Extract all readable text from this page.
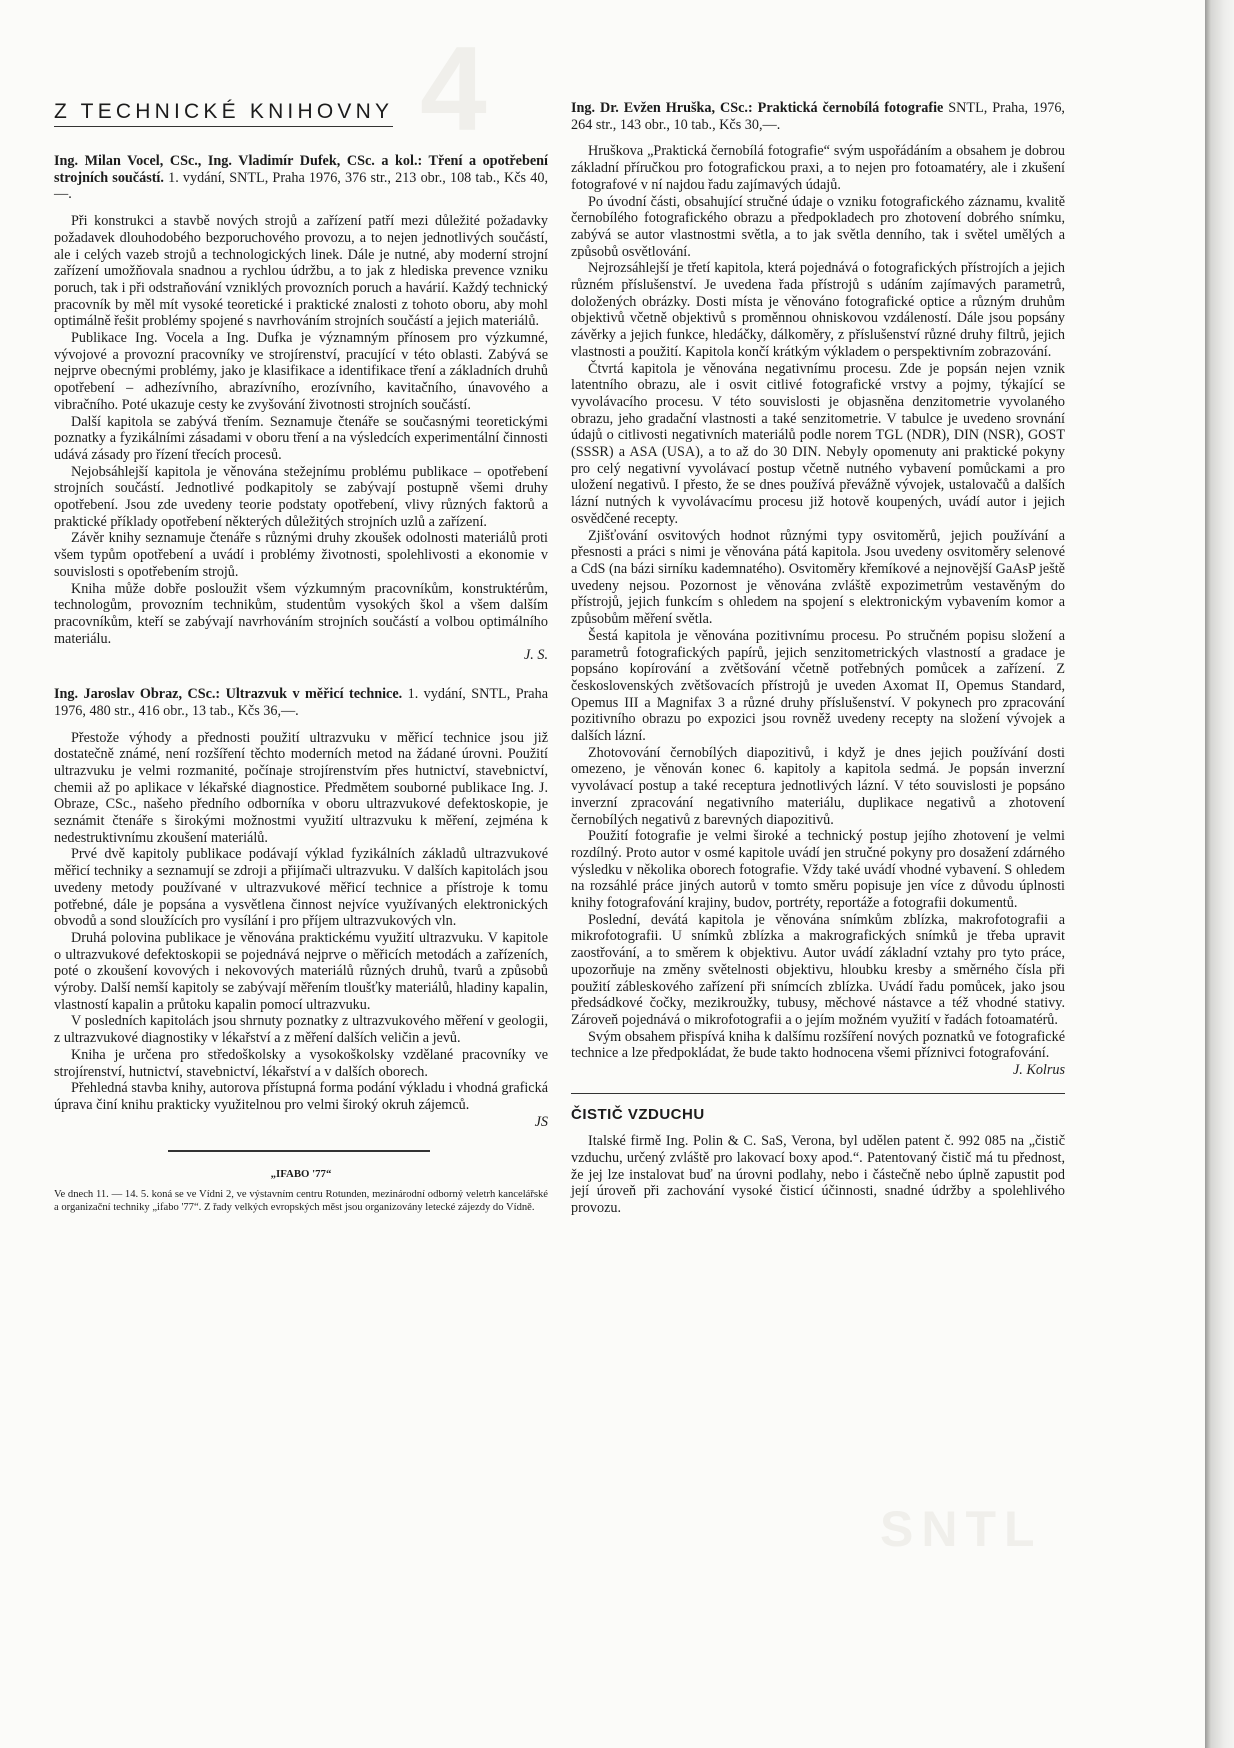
4
SNTL
Z TECHNICKÉ KNIHOVNY
Ing. Milan Vocel, CSc., Ing. Vladimír Dufek, CSc. a kol.: Tření a opotřebení strojních součástí. 1. vydání, SNTL, Praha 1976, 376 str., 213 obr., 108 tab., Kčs 40,—.

Při konstrukci a stavbě nových strojů a zařízení patří mezi důležité požadavky požadavek dlouhodobého bezporuchového provozu, a to nejen jednotlivých součástí, ale i celých vazeb strojů a technologických linek. Dále je nutné, aby moderní strojní zařízení umožňovala snadnou a rychlou údržbu, a to jak z hlediska prevence vzniku poruch, tak i při odstraňování vzniklých provozních poruch a havárií. Každý technický pracovník by měl mít vysoké teoretické i praktické znalosti z tohoto oboru, aby mohl optimálně řešit problémy spojené s navrhováním strojních součástí a jejich materiálů.

Publikace Ing. Vocela a Ing. Dufka je významným přínosem pro výzkumné, vývojové a provozní pracovníky ve strojírenství, pracující v této oblasti. Zabývá se nejprve obecnými problémy, jako je klasifikace a identifikace tření a základních druhů opotřebení – adhezívního, abrazívního, erozívního, kavitačního, únavového a vibračního. Poté ukazuje cesty ke zvyšování životnosti strojních součástí.

Další kapitola se zabývá třením. Seznamuje čtenáře se současnými teoretickými poznatky a fyzikálními zásadami v oboru tření a na výsledcích experimentální činnosti udává zásady pro řízení třecích procesů.

Nejobsáhlejší kapitola je věnována stežejnímu problému publikace – opotřebení strojních součástí. Jednotlivé podkapitoly se zabývají postupně všemi druhy opotřebení. Jsou zde uvedeny teorie podstaty opotřebení, vlivy různých faktorů a praktické příklady opotřebení některých důležitých strojních uzlů a zařízení.

Závěr knihy seznamuje čtenáře s různými druhy zkoušek odolnosti materiálů proti všem typům opotřebení a uvádí i problémy životnosti, spolehlivosti a ekonomie v souvislosti s opotřebením strojů.

Kniha může dobře posloužit všem výzkumným pracovníkům, konstruktérům, technologům, provozním technikům, studentům vysokých škol a všem dalším pracovníkům, kteří se zabývají navrhováním strojních součástí a volbou optimálního materiálu.

J. S.
Ing. Jaroslav Obraz, CSc.: Ultrazvuk v měřicí technice. 1. vydání, SNTL, Praha 1976, 480 str., 416 obr., 13 tab., Kčs 36,—.

Přestože výhody a přednosti použití ultrazvuku v měřicí technice jsou již dostatečně známé, není rozšíření těchto moderních metod na žádané úrovni. Použití ultrazvuku je velmi rozmanité, počínaje strojírenstvím přes hutnictví, stavebnictví, chemii až po aplikace v lékařské diagnostice. Předmětem souborné publikace Ing. J. Obraze, CSc., našeho předního odborníka v oboru ultrazvukové defektoskopie, je seznámit čtenáře s širokými možnostmi využití ultrazvuku k měření, zejména k nedestruktivnímu zkoušení materiálů.

Prvé dvě kapitoly publikace podávají výklad fyzikálních základů ultrazvukové měřicí techniky a seznamují se zdroji a přijímači ultrazvuku. V dalších kapitolách jsou uvedeny metody používané v ultrazvukové měřicí technice a přístroje k tomu potřebné, dále je popsána a vysvětlena činnost nejvíce využívaných elektronických obvodů a sond sloužících pro vysílání i pro příjem ultrazvukových vln.

Druhá polovina publikace je věnována praktickému využití ultrazvuku. V kapitole o ultrazvukové defektoskopii se pojednává nejprve o měřicích metodách a zařízeních, poté o zkoušení kovových i nekovových materiálů různých druhů, tvarů a způsobů výroby. Další nemší kapitoly se zabývají měřením tloušťky materiálů, hladiny kapalin, vlastností kapalin a průtoku kapalin pomocí ultrazvuku.

V posledních kapitolách jsou shrnuty poznatky z ultrazvukového měření v geologii, z ultrazvukové diagnostiky v lékařství a z měření dalších veličin a jevů.

Kniha je určena pro středoškolsky a vysokoškolsky vzdělané pracovníky ve strojírenství, hutnictví, stavebnictví, lékařství a v dalších oborech.

Přehledná stavba knihy, autorova přístupná forma podání výkladu i vhodná grafická úprava činí knihu prakticky využitelnou pro velmi široký okruh zájemců.

JS
„IFABO '77“

Ve dnech 11. — 14. 5. koná se ve Vídni 2, ve výstavním centru Rotunden, mezinárodní odborný veletrh kancelářské a organizační techniky „ifabo '77“. Z řady velkých evropských měst jsou organizovány letecké zájezdy do Vídně.

Ing. Dr. Evžen Hruška, CSc.: Praktická černobílá fotografie SNTL, Praha, 1976, 264 str., 143 obr., 10 tab., Kčs 30,—.

Hruškova „Praktická černobílá fotografie“ svým uspořádáním a obsahem je dobrou základní příručkou pro fotografickou praxi, a to nejen pro fotoamatéry, ale i zkušení fotografové v ní najdou řadu zajímavých údajů.

Po úvodní části, obsahující stručné údaje o vzniku fotografického záznamu, kvalitě černobílého fotografického obrazu a předpokladech pro zhotovení dobrého snímku, zabývá se autor vlastnostmi světla, a to jak světla denního, tak i světel umělých a způsobů osvětlování.

Nejrozsáhlejší je třetí kapitola, která pojednává o fotografických přístrojích a jejich různém příslušenství. Je uvedena řada přístrojů s udáním zajímavých parametrů, doložených obrázky. Dosti místa je věnováno fotografické optice a různým druhům objektivů včetně objektivů s proměnnou ohniskovou vzdáleností. Dále jsou popsány závěrky a jejich funkce, hledáčky, dálkoměry, z příslušenství různé druhy filtrů, jejich vlastnosti a použití. Kapitola končí krátkým výkladem o perspektivním zobrazování.

Čtvrtá kapitola je věnována negativnímu procesu. Zde je popsán nejen vznik latentního obrazu, ale i osvit citlivé fotografické vrstvy a pojmy, týkající se vyvolávacího procesu. V této souvislosti je objasněna denzitometrie vyvolaného obrazu, jeho gradační vlastnosti a také senzitometrie. V tabulce je uvedeno srovnání údajů o citlivosti negativních materiálů podle norem TGL (NDR), DIN (NSR), GOST (SSSR) a ASA (USA), a to až do 30 DIN. Nebyly opomenuty ani praktické pokyny pro celý negativní vyvolávací postup včetně nutného vybavení pomůckami a pro uložení negativů. I přesto, že se dnes používá převážně vývojek, ustalovačů a dalších lázní nutných k vyvolávacímu procesu již hotově koupených, uvádí autor i jejich osvědčené recepty.

Zjišťování osvitových hodnot různými typy osvitoměrů, jejich používání a přesnosti a práci s nimi je věnována pátá kapitola. Jsou uvedeny osvitoměry selenové a CdS (na bázi sirníku kademnatého). Osvitoměry křemíkové a nejnovější GaAsP ještě uvedeny nejsou. Pozornost je věnována zvláště expozimetrům vestavěným do přístrojů, jejich funkcím s ohledem na spojení s elektronickým vybavením komor a způsobům měření světla.

Šestá kapitola je věnována pozitivnímu procesu. Po stručném popisu složení a parametrů fotografických papírů, jejich senzitometrických vlastností a gradace je popsáno kopírování a zvětšování včetně potřebných pomůcek a zařízení. Z československých zvětšovacích přístrojů je uveden Axomat II, Opemus Standard, Opemus III a Magnifax 3 a různé druhy příslušenství. V pokynech pro zpracování pozitivního obrazu po expozici jsou rovněž uvedeny recepty na složení vývojek a dalších lázní.

Zhotovování černobílých diapozitivů, i když je dnes jejich používání dosti omezeno, je věnován konec 6. kapitoly a kapitola sedmá. Je popsán inverzní vyvolávací postup a také receptura jednotlivých lázní. V této souvislosti je popsáno inverzní zpracování negativního materiálu, duplikace negativů a zhotovení černobílých negativů z barevných diapozitivů.

Použití fotografie je velmi široké a technický postup jejího zhotovení je velmi rozdílný. Proto autor v osmé kapitole uvádí jen stručné pokyny pro dosažení zdárného výsledku v několika oborech fotografie. Vždy také uvádí vhodné vybavení. S ohledem na rozsáhlé práce jiných autorů v tomto směru popisuje jen více z důvodu úplnosti knihy fotografování krajiny, budov, portréty, reportáže a fotografii dokumentů.

Poslední, devátá kapitola je věnována snímkům zblízka, makrofotografii a mikrofotografii. U snímků zblízka a makrografických snímků je třeba upravit zaostřování, a to směrem k objektivu. Autor uvádí základní vztahy pro tyto práce, upozorňuje na změny světelnosti objektivu, hloubku kresby a směrného čísla při použití zábleskového zařízení při snímcích zblízka. Uvádí řadu pomůcek, jako jsou předsádkové čočky, mezikroužky, tubusy, měchové nástavce a též vhodné stativy. Zároveň pojednává o mikrofotografii a o jejím možném využití v řadách fotoamatérů.

Svým obsahem přispívá kniha k dalšímu rozšíření nových poznatků ve fotografické technice a lze předpokládat, že bude takto hodnocena všemi příznivci fotografování.

J. Kolrus
ČISTIČ VZDUCHU

Italské firmě Ing. Polin & C. SaS, Verona, byl udělen patent č. 992 085 na „čistič vzduchu, určený zvláště pro lakovací boxy apod.“. Patentovaný čistič má tu přednost, že jej lze instalovat buď na úrovni podlahy, nebo i částečně nebo úplně zapustit pod její úroveň při zachování vysoké čisticí účinnosti, snadné údržby a spolehlivého provozu.
